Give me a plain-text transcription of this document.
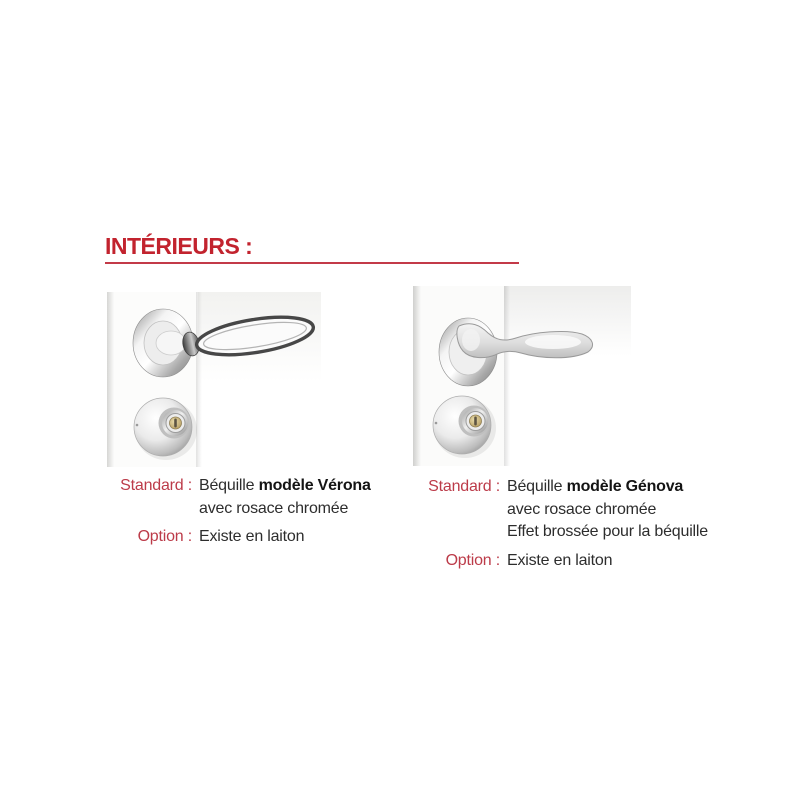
INTÉRIEURS :
Standard : Béquille modèle Vérona
avec rosace chromée
Option : Existe en laiton
Standard : Béquille modèle Génova
avec rosace chromée
Effet brossée pour la béquille
Option : Existe en laiton
